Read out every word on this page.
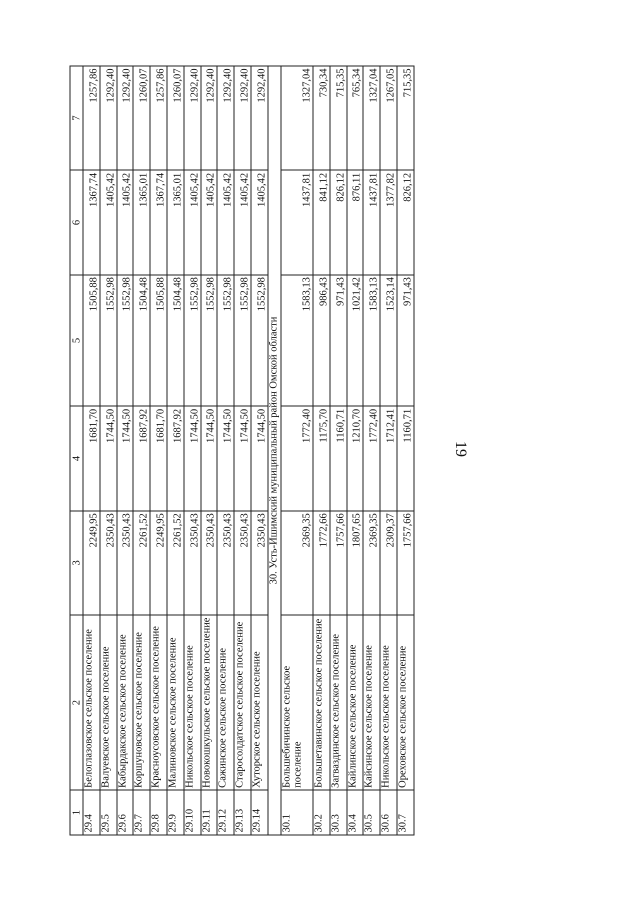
19
1	2	3	4	5	6	7
29.4	Белоглазовское сельское поселение	2249,95	1681,70	1505,88	1367,74	1257,86
29.5	Валуевское сельское поселение	2350,43	1744,50	1552,98	1405,42	1292,40
29.6	Кабырдакское сельское поселение	2350,43	1744,50	1552,98	1405,42	1292,40
29.7	Коршуновское сельское поселение	2261,52	1687,92	1504,48	1365,01	1260,07
29.8	Красноусовское сельское поселение	2249,95	1681,70	1505,88	1367,74	1257,86
29.9	Малиновское сельское поселение	2261,52	1687,92	1504,48	1365,01	1260,07
29.10	Никольское сельское поселение	2350,43	1744,50	1552,98	1405,42	1292,40
29.11	Новокошкульское сельское поселение	2350,43	1744,50	1552,98	1405,42	1292,40
29.12	Сажинское сельское поселение	2350,43	1744,50	1552,98	1405,42	1292,40
29.13	Старосолдатское сельское поселение	2350,43	1744,50	1552,98	1405,42	1292,40
29.14	Хуторское сельское поселение	2350,43	1744,50	1552,98	1405,42	1292,40
30. Усть-Ишимский муниципальный район Омской области						
30.1	Большебичинское сельское поселение	2369,35	1772,40	1583,13	1437,81	1327,04
30.2	Большетавинское сельское поселение	1772,66	1175,70	986,43	841,12	730,34
30.3	Загваздинское сельское поселение	1757,66	1160,71	971,43	826,12	715,35
30.4	Кайлинское сельское поселение	1807,65	1210,70	1021,42	876,11	765,34
30.5	Кайсинское сельское поселение	2369,35	1772,40	1583,13	1437,81	1327,04
30.6	Никольское сельское поселение	2309,37	1712,41	1523,14	1377,82	1267,05
30.7	Ореховское сельское поселение	1757,66	1160,71	971,43	826,12	715,35
